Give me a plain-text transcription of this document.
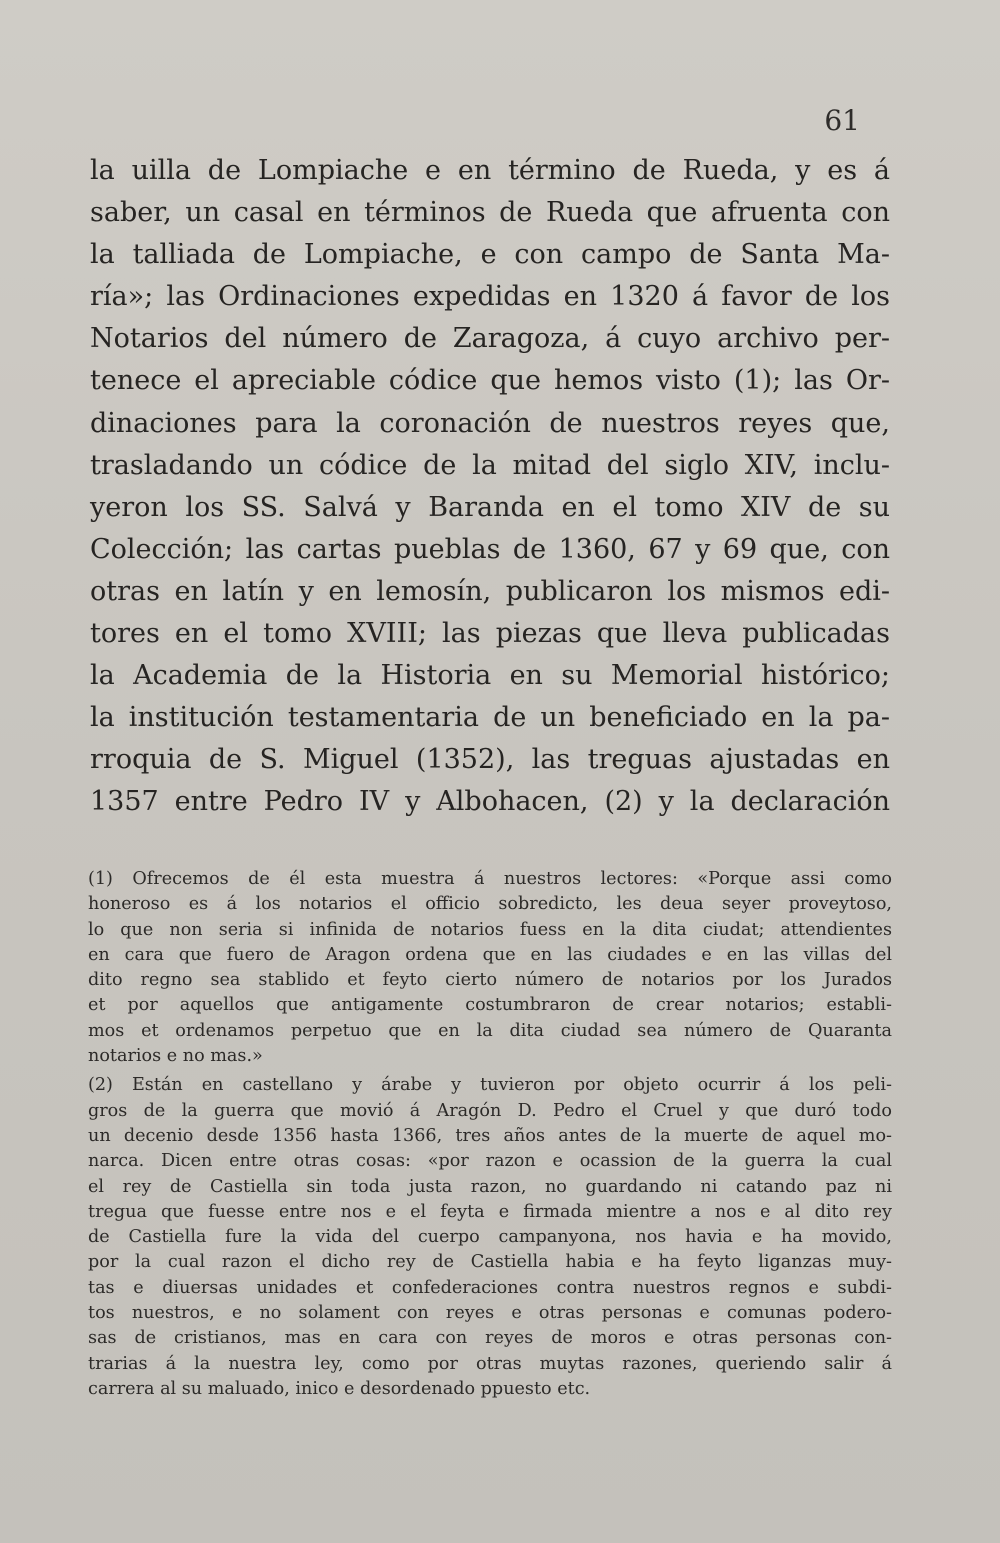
61
la uilla de Lompiache e en término de Rueda, y es á
saber, un casal en términos de Rueda que afruenta con
la talliada de Lompiache, e con campo de Santa Ma-
ría»; las Ordinaciones expedidas en 1320 á favor de los
Notarios del número de Zaragoza, á cuyo archivo per-
tenece el apreciable códice que hemos visto (1); las Or-
dinaciones para la coronación de nuestros reyes que,
trasladando un códice de la mitad del siglo XIV, inclu-
yeron los SS. Salvá y Baranda en el tomo XIV de su
Colección; las cartas pueblas de 1360, 67 y 69 que, con
otras en latín y en lemosín, publicaron los mismos edi-
tores en el tomo XVIII; las piezas que lleva publicadas
la Academia de la Historia en su Memorial histórico;
la institución testamentaria de un beneficiado en la pa-
rroquia de S. Miguel (1352), las treguas ajustadas en
1357 entre Pedro IV y Albohacen, (2) y la declaración
(1) Ofrecemos de él esta muestra á nuestros lectores: «Porque assi como
honeroso es á los notarios el officio sobredicto, les deua seyer proveytoso,
lo que non seria si infinida de notarios fuess en la dita ciudat; attendientes
en cara que fuero de Aragon ordena que en las ciudades e en las villas del
dito regno sea stablido et feyto cierto número de notarios por los Jurados
et por aquellos que antigamente costumbraron de crear notarios; establi-
mos et ordenamos perpetuo que en la dita ciudad sea número de Quaranta
notarios e no mas.»
(2) Están en castellano y árabe y tuvieron por objeto ocurrir á los peli-
gros de la guerra que movió á Aragón D. Pedro el Cruel y que duró todo
un decenio desde 1356 hasta 1366, tres años antes de la muerte de aquel mo-
narca. Dicen entre otras cosas: «por razon e ocassion de la guerra la cual
el rey de Castiella sin toda justa razon, no guardando ni catando paz ni
tregua que fuesse entre nos e el feyta e firmada mientre a nos e al dito rey
de Castiella fure la vida del cuerpo campanyona, nos havia e ha movido,
por la cual razon el dicho rey de Castiella habia e ha feyto liganzas muy-
tas e diuersas unidades et confederaciones contra nuestros regnos e subdi-
tos nuestros, e no solament con reyes e otras personas e comunas podero-
sas de cristianos, mas en cara con reyes de moros e otras personas con-
trarias á la nuestra ley, como por otras muytas razones, queriendo salir á
carrera al su maluado, inico e desordenado ppuesto etc.
